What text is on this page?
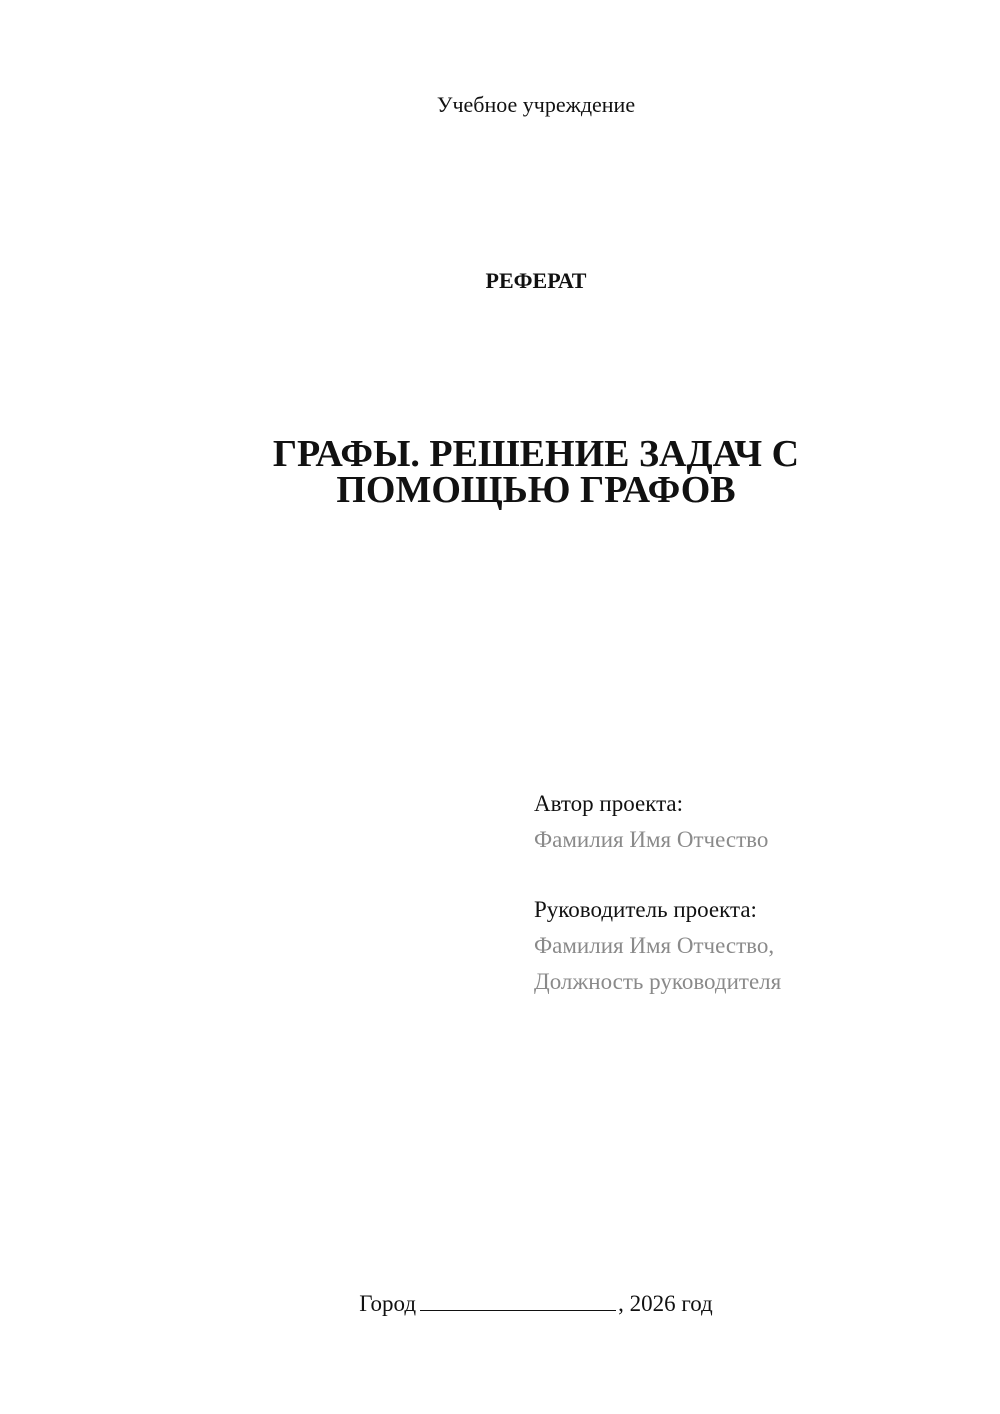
Учебное учреждение
РЕФЕРАТ
ГРАФЫ. РЕШЕНИЕ ЗАДАЧ С
ПОМОЩЬЮ ГРАФОВ
Автор проекта:
Фамилия Имя Отчество
Руководитель проекта:
Фамилия Имя Отчество,
Должность руководителя
Город	, 2026 год
